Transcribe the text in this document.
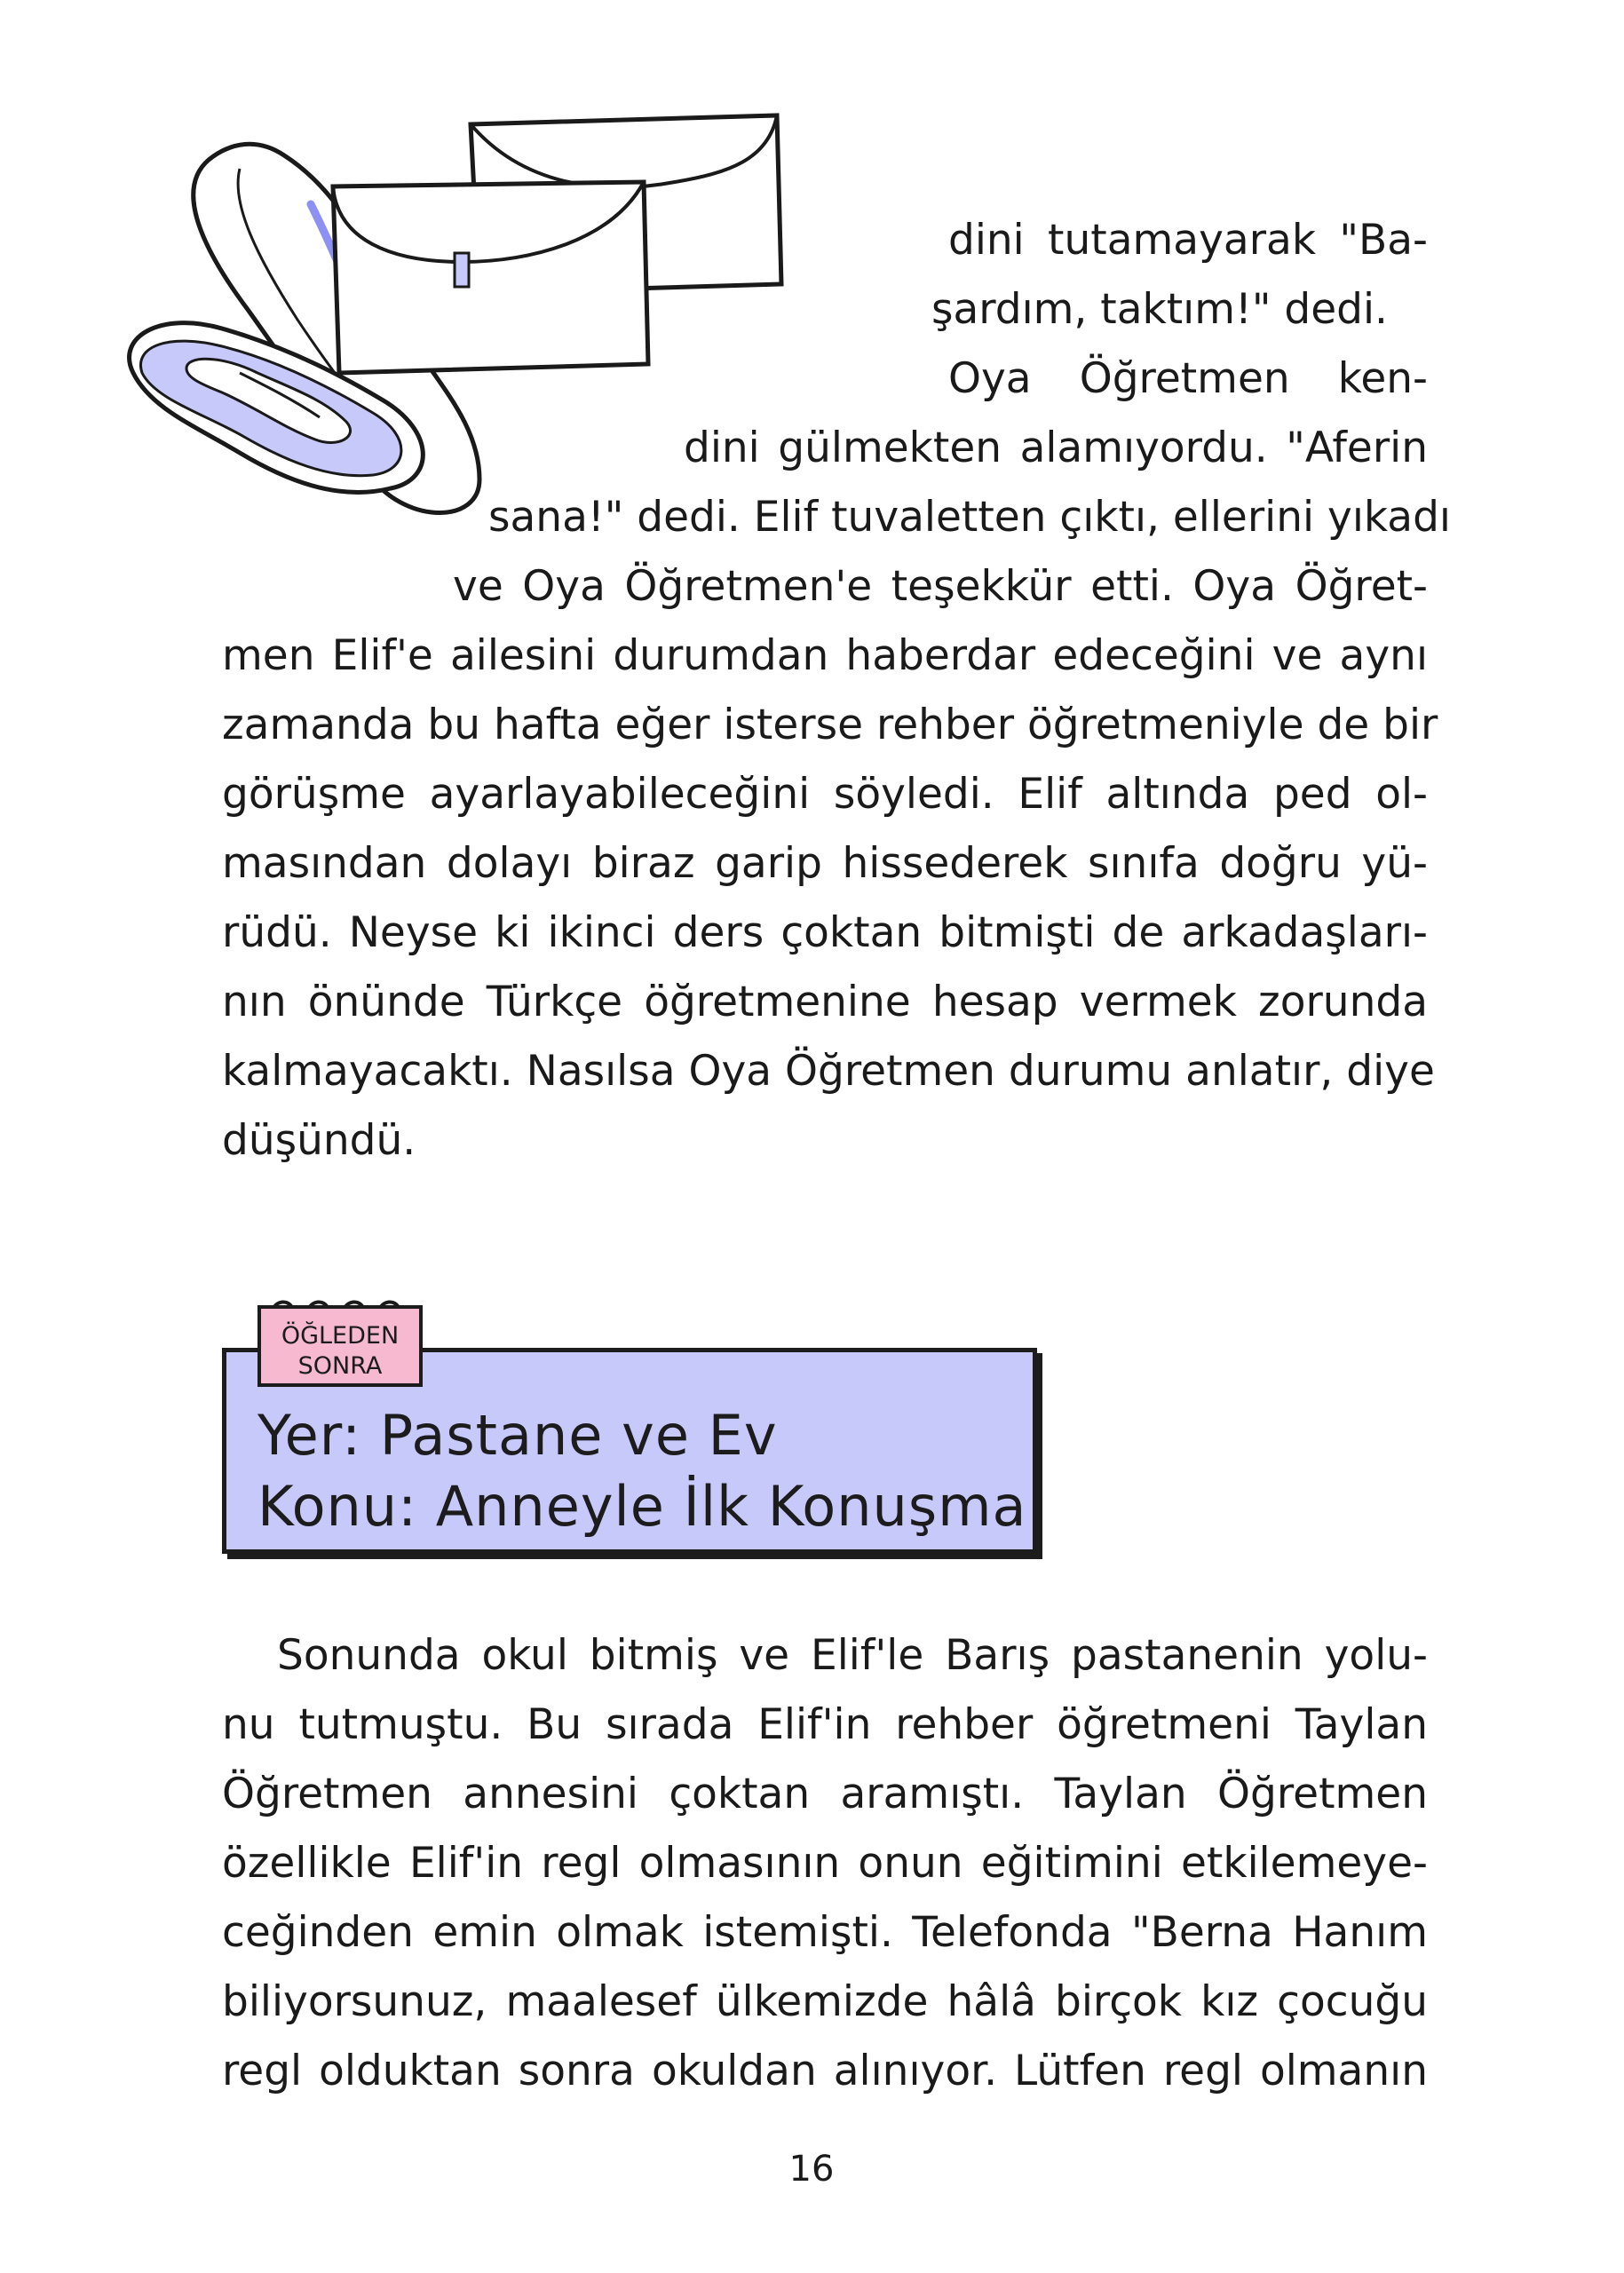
dini tutamayarak "Ba-
şardım, taktım!" dedi.
Oya Öğretmen ken-
dini gülmekten alamıyordu. "Aferin
sana!" dedi. Elif tuvaletten çıktı, ellerini yıkadı
ve Oya Öğretmen'e teşekkür etti. Oya Öğret-
men Elif'e ailesini durumdan haberdar edeceğini ve aynı
zamanda bu hafta eğer isterse rehber öğretmeniyle de bir
görüşme ayarlayabileceğini söyledi. Elif altında ped ol-
masından dolayı biraz garip hissederek sınıfa doğru yü-
rüdü. Neyse ki ikinci ders çoktan bitmişti de arkadaşları-
nın önünde Türkçe öğretmenine hesap vermek zorunda
kalmayacaktı. Nasılsa Oya Öğretmen durumu anlatır, diye
düşündü.
ÖĞLEDEN
SONRA
Yer: Pastane ve Ev
Konu: Anneyle İlk Konuşma
Sonunda okul bitmiş ve Elif'le Barış pastanenin yolu-
nu tutmuştu. Bu sırada Elif'in rehber öğretmeni Taylan
Öğretmen annesini çoktan aramıştı. Taylan Öğretmen
özellikle Elif'in regl olmasının onun eğitimini etkilemeye-
ceğinden emin olmak istemişti. Telefonda "Berna Hanım
biliyorsunuz, maalesef ülkemizde hâlâ birçok kız çocuğu
regl olduktan sonra okuldan alınıyor. Lütfen regl olmanın
16
